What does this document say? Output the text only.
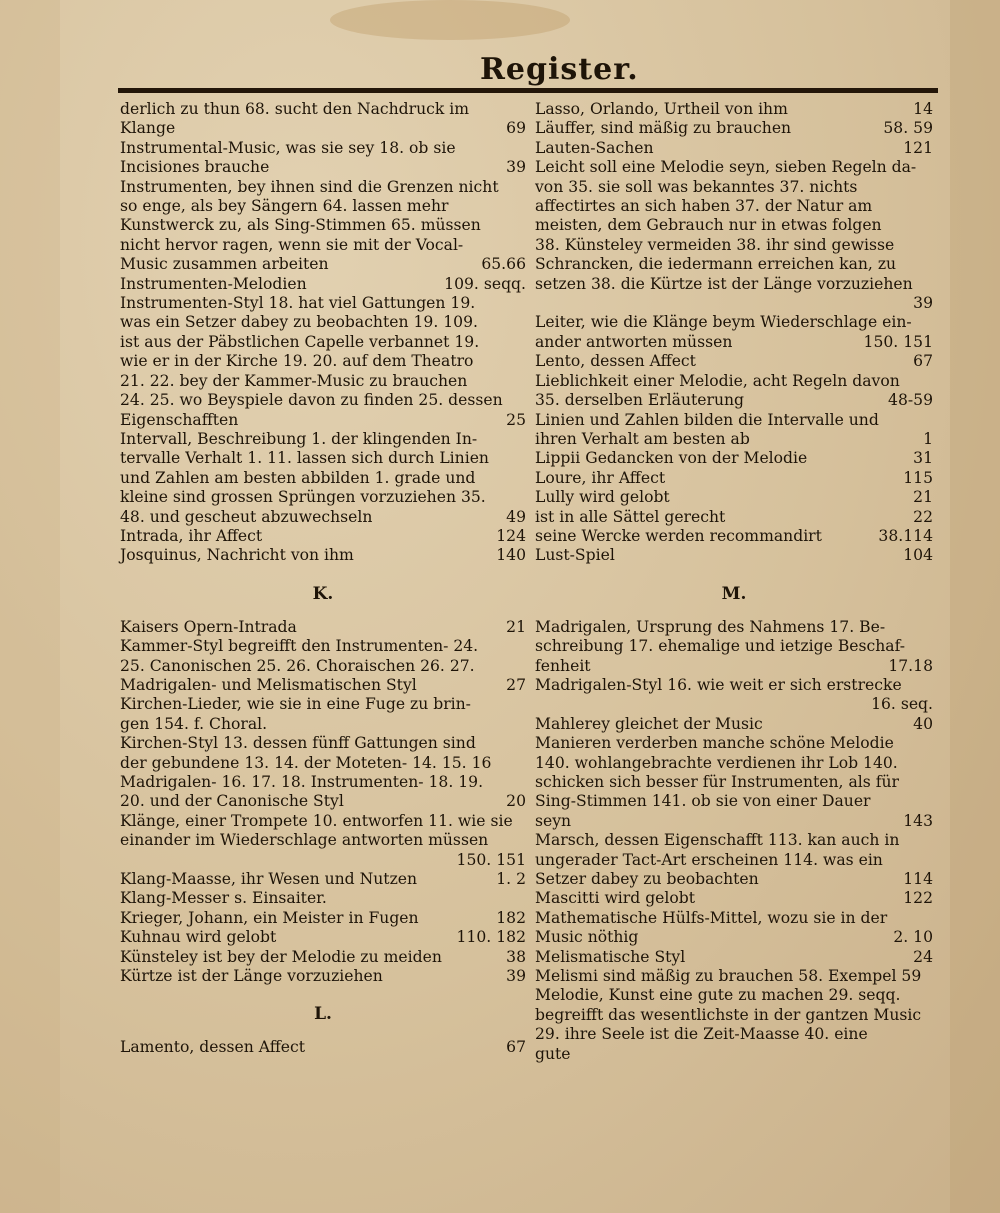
Register.
derlich zu thun 68. sucht den Nachdruck im
Klange	69
Instrumental-Music, was sie sey 18. ob sie
Incisiones brauche	39
Instrumenten, bey ihnen sind die Grenzen nicht
so enge, als bey Sängern 64. lassen mehr
Kunstwerck zu, als Sing-Stimmen 65. müssen
nicht hervor ragen, wenn sie mit der Vocal-
Music zusammen arbeiten	65.66
Instrumenten-Melodien	109. seqq.
Instrumenten-Styl 18. hat viel Gattungen 19.
was ein Setzer dabey zu beobachten 19. 109.
ist aus der Päbstlichen Capelle verbannet 19.
wie er in der Kirche 19. 20. auf dem Theatro
21. 22. bey der Kammer-Music zu brauchen
24. 25. wo Beyspiele davon zu finden 25. dessen
Eigenschafften	25
Intervall, Beschreibung 1. der klingenden In-
tervalle Verhalt 1. 11. lassen sich durch Linien
und Zahlen am besten abbilden 1. grade und
kleine sind grossen Sprüngen vorzuziehen 35.
48. und gescheut abzuwechseln	49
Intrada, ihr Affect	124
Josquinus, Nachricht von ihm	140
K.
Kaisers Opern-Intrada	21
Kammer-Styl begreifft den Instrumenten- 24.
25. Canonischen 25. 26. Choraischen 26. 27.
Madrigalen- und Melismatischen Styl	27
Kirchen-Lieder, wie sie in eine Fuge zu brin-
gen 154. f. Choral.
Kirchen-Styl 13. dessen fünff Gattungen sind
der gebundene 13. 14. der Moteten- 14. 15. 16
Madrigalen- 16. 17. 18. Instrumenten- 18. 19.
20. und der Canonische Styl	20
Klänge, einer Trompete 10. entworfen 11. wie sie
einander im Wiederschlage antworten müssen
150. 151
Klang-Maasse, ihr Wesen und Nutzen	1. 2
Klang-Messer s. Einsaiter.
Krieger, Johann, ein Meister in Fugen	182
Kuhnau wird gelobt	110. 182
Künsteley ist bey der Melodie zu meiden	38
Kürtze ist der Länge vorzuziehen	39
L.
Lamento, dessen Affect	67
Lasso, Orlando, Urtheil von ihm	14
Läuffer, sind mäßig zu brauchen	58. 59
Lauten-Sachen	121
Leicht soll eine Melodie seyn, sieben Regeln da-
von 35. sie soll was bekanntes 37. nichts
affectirtes an sich haben 37. der Natur am
meisten, dem Gebrauch nur in etwas folgen
38. Künsteley vermeiden 38. ihr sind gewisse
Schrancken, die iedermann erreichen kan, zu
setzen 38. die Kürtze ist der Länge vorzuziehen
39
Leiter, wie die Klänge beym Wiederschlage ein-
ander antworten müssen	150. 151
Lento, dessen Affect	67
Lieblichkeit einer Melodie, acht Regeln davon
35. derselben Erläuterung	48-59
Linien und Zahlen bilden die Intervalle und
ihren Verhalt am besten ab	1
Lippii Gedancken von der Melodie	31
Loure, ihr Affect	115
Lully wird gelobt	21
ist in alle Sättel gerecht	22
seine Wercke werden recommandirt	38.114
Lust-Spiel	104
M.
Madrigalen, Ursprung des Nahmens 17. Be-
schreibung 17. ehemalige und ietzige Beschaf-
fenheit	17.18
Madrigalen-Styl 16. wie weit er sich erstrecke
16. seq.
Mahlerey gleichet der Music	40
Manieren verderben manche schöne Melodie
140. wohlangebrachte verdienen ihr Lob 140.
schicken sich besser für Instrumenten, als für
Sing-Stimmen 141. ob sie von einer Dauer
seyn	143
Marsch, dessen Eigenschafft 113. kan auch in
ungerader Tact-Art erscheinen 114. was ein
Setzer dabey zu beobachten	114
Mascitti wird gelobt	122
Mathematische Hülfs-Mittel, wozu sie in der
Music nöthig	2. 10
Melismatische Styl	24
Melismi sind mäßig zu brauchen 58. Exempel 59
Melodie, Kunst eine gute zu machen 29. seqq.
begreifft das wesentlichste in der gantzen Music
29. ihre Seele ist die Zeit-Maasse 40. eine
gute
